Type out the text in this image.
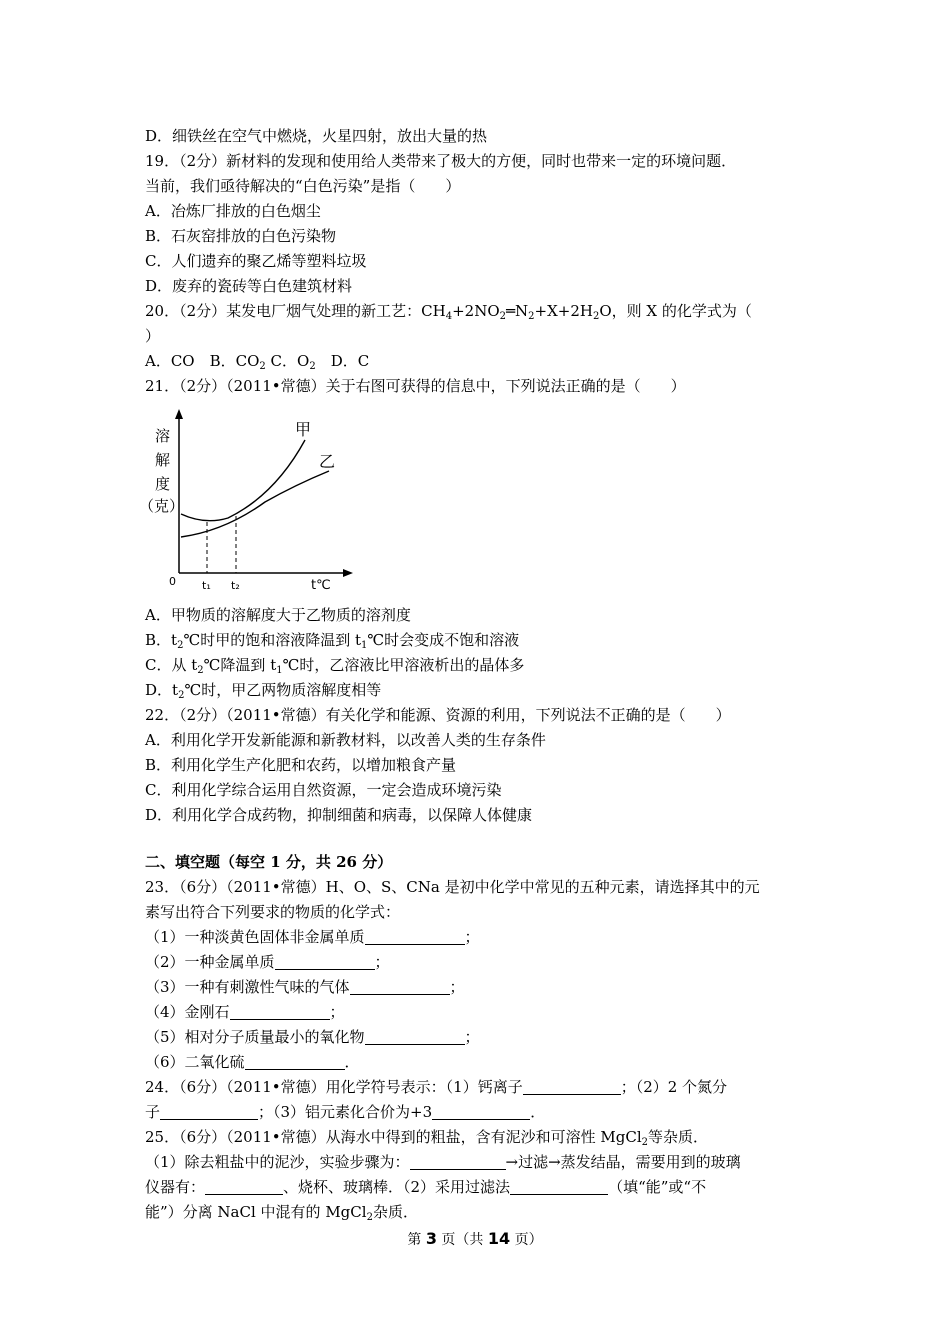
D．细铁丝在空气中燃烧，火星四射，放出大量的热
19．（2分）新材料的发现和使用给人类带来了极大的方便，同时也带来一定的环境问题．
当前，我们亟待解决的“白色污染”是指（　　）
A．冶炼厂排放的白色烟尘
B．石灰窑排放的白色污染物
C．人们遗弃的聚乙烯等塑料垃圾
D．废弃的瓷砖等白色建筑材料
20．（2分）某发电厂烟气处理的新工艺：$CH_4+2NO_2═N_2+X+2H_2O$，则 X 的化学式为（
）
A．CO　B．$CO_2$ C．$O_2$　D．C
21．（2分）（2011•常德）关于右图可获得的信息中，下列说法正确的是（　　）
溶
解
度
（克）
0
甲
乙
t₁ t₂	t℃
A．甲物质的溶解度大于乙物质的溶剂度
B．$t_2℃$时甲的饱和溶液降温到 $t_1℃$时会变成不饱和溶液
C．从 $t_2℃$降温到 $t_1℃$时，乙溶液比甲溶液析出的晶体多
D．$t_2℃$时，甲乙两物质溶解度相等
22．（2分）（2011•常德）有关化学和能源、资源的利用，下列说法不正确的是（　　）
A．利用化学开发新能源和新教材料，以改善人类的生存条件
B．利用化学生产化肥和农药，以增加粮食产量
C．利用化学综合运用自然资源，一定会造成环境污染
D．利用化学合成药物，抑制细菌和病毒，以保障人体健康
二、填空题（每空 1 分，共 26 分）
23．（6分）（2011•常德）H、O、S、CNa 是初中化学中常见的五种元素，请选择其中的元
素写出符合下列要求的物质的化学式：
（1）一种淡黄色固体非金属单质	；
（2）一种金属单质	；
（3）一种有刺激性气味的气体	；
（4）金刚石	；
（5）相对分子质量最小的氧化物	；
（6）二氧化硫	．
24．（6分）（2011•常德）用化学符号表示：（1）钙离子	；（2）2 个氮分
子	；（3）铝元素化合价为+3	．
25．（6分）（2011•常德）从海水中得到的粗盐，含有泥沙和可溶性 MgCl$_2$等杂质．
（1）除去粗盐中的泥沙，实验步骤为：	→过滤→蒸发结晶，需要用到的玻璃
仪器有：	、烧杯、玻璃棒．（2）采用过滤法	（填“能”或“不
能”）分离 NaCl 中混有的 MgCl$_2$杂质．
第 3 页（共 14 页）
